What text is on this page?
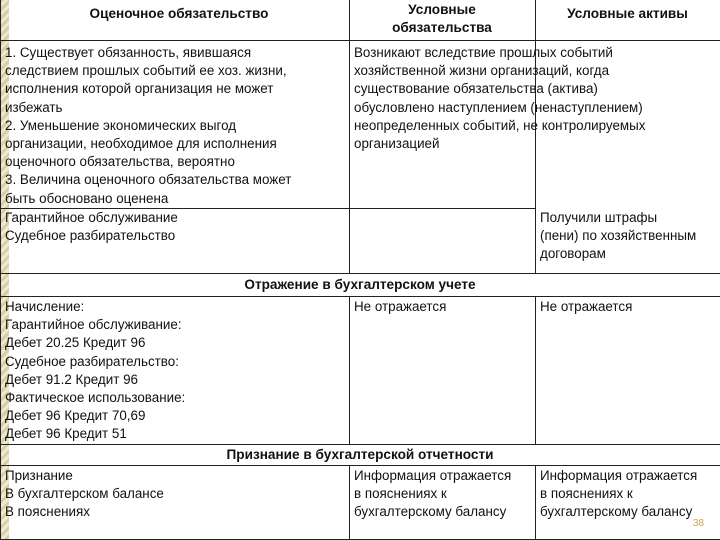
Оценочное обязательство	Условные
обязательства
Условные активы
1. Существует обязанность, явившаяся
следствием прошлых событий ее хоз. жизни,
исполнения которой организация не может
избежать
2. Уменьшение экономических выгод
организации, необходимое для исполнения
оценочного обязательства, вероятно
3. Величина оценочного обязательства может
быть обосновано оценена
Возникают вследствие прошлых событий
хозяйственной жизни организаций, когда
существование обязательства (актива)
обусловлено наступлением (ненаступлением)
неопределенных событий, не контролируемых
организацией
Гарантийное обслуживание
Судебное разбирательство
Получили штрафы
(пени) по хозяйственным
договорам
Отражение в бухгалтерском учете
Начисление:
Гарантийное обслуживание:
Дебет 20.25 Кредит 96
Судебное разбирательство:
Дебет 91.2 Кредит 96
Фактическое использование:
Дебет 96 Кредит 70,69
Дебет 96 Кредит 51
Не отражается	Не отражается
Признание в бухгалтерской отчетности
Признание
В бухгалтерском балансе
В пояснениях
Информация отражается
в пояснениях к
бухгалтерскому балансу
Информация отражается
в пояснениях к
бухгалтерскому балансу
38
